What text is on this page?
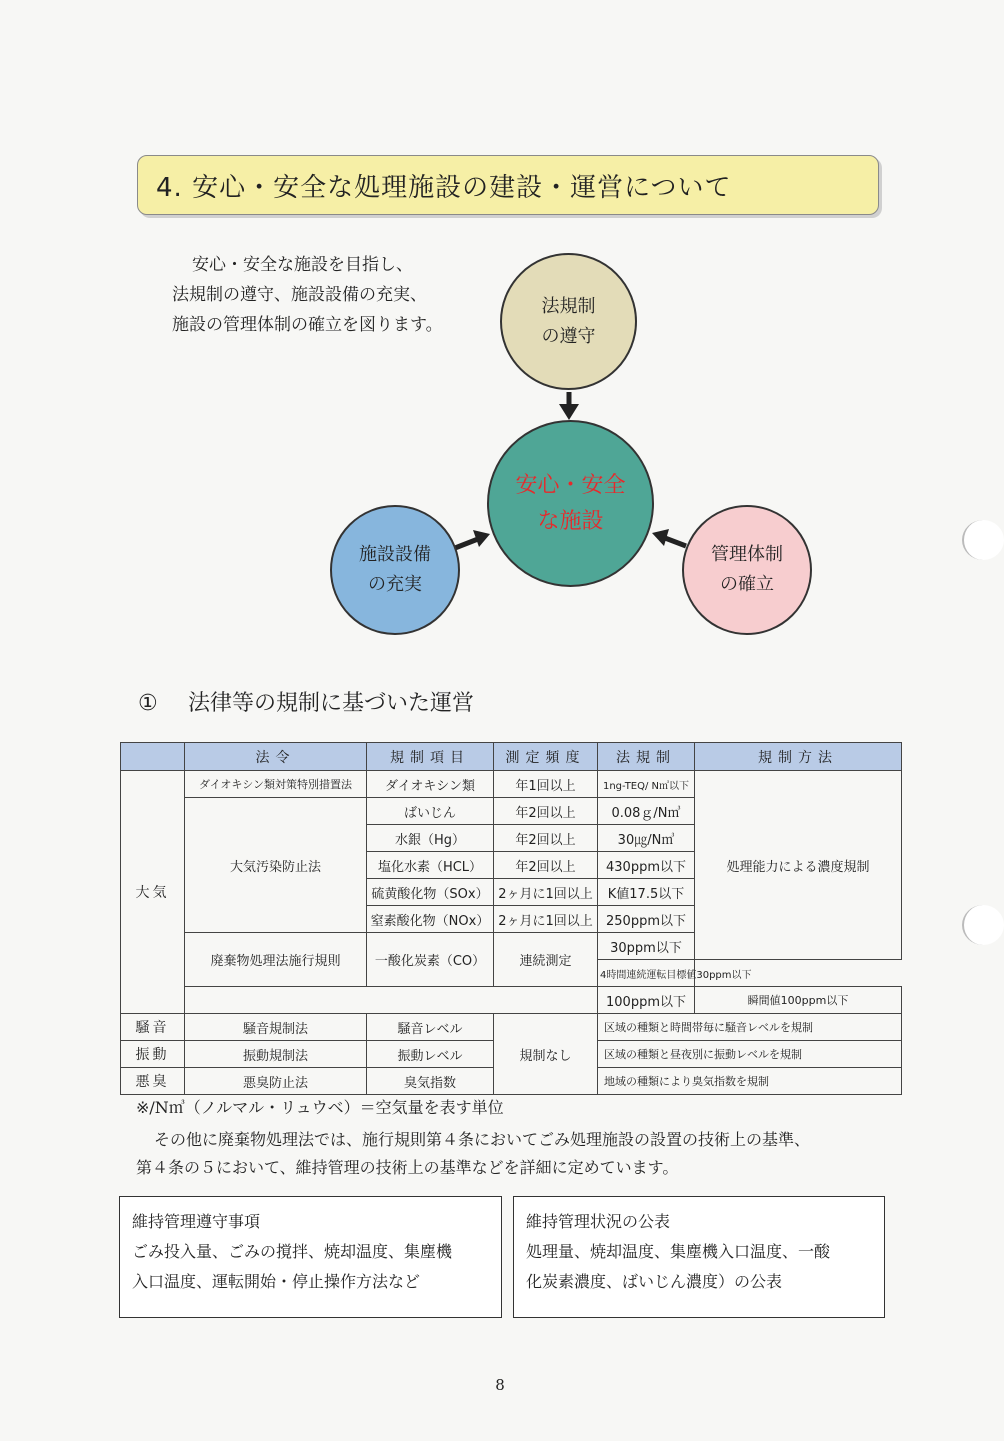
4. 安心・安全な処理施設の建設・運営について
安心・安全な施設を目指し、
法規制の遵守、施設設備の充実、
施設の管理体制の確立を図ります。
法規制
の遵守
安心・安全
な施設
施設設備
の充実
管理体制
の確立
① 法律等の規制に基づいた運営
	法令	規制項目	測定頻度	法規制	規制方法
大気	ダイオキシン類対策特別措置法	ダイオキシン類	年1回以上	1ng-TEQ/ N㎥以下	処理能力による濃度規制
	大気汚染防止法	ばいじん	年2回以上	0.08ｇ/N㎥	
		水銀（Hg）	年2回以上	30㎍/N㎥	
		塩化水素（HCL）	年2回以上	430ppm以下	
		硫黄酸化物（SOx）	2ヶ月に1回以上	K値17.5以下	
		窒素酸化物（NOx）	2ヶ月に1回以上	250ppm以下	
	廃棄物処理法施行規則	一酸化炭素（CO）	連続測定	30ppm以下	
				4時間連続運転目標値30ppm以下	
				100ppm以下	瞬間値100ppm以下
騒音	騒音規制法	騒音レベル	規制なし	区域の種類と時間帯毎に騒音レベルを規制	
振動	振動規制法	振動レベル		区域の種類と昼夜別に振動レベルを規制	
悪臭	悪臭防止法	臭気指数		地域の種類により臭気指数を規制	
※/N㎥（ノルマル・リュウベ）＝空気量を表す単位
その他に廃棄物処理法では、施行規則第４条においてごみ処理施設の設置の技術上の基準、
第４条の５において、維持管理の技術上の基準などを詳細に定めています。
維持管理遵守事項
ごみ投入量、ごみの撹拌、焼却温度、集塵機
入口温度、運転開始・停止操作方法など
維持管理状況の公表
処理量、焼却温度、集塵機入口温度、一酸
化炭素濃度、ばいじん濃度）の公表
8
